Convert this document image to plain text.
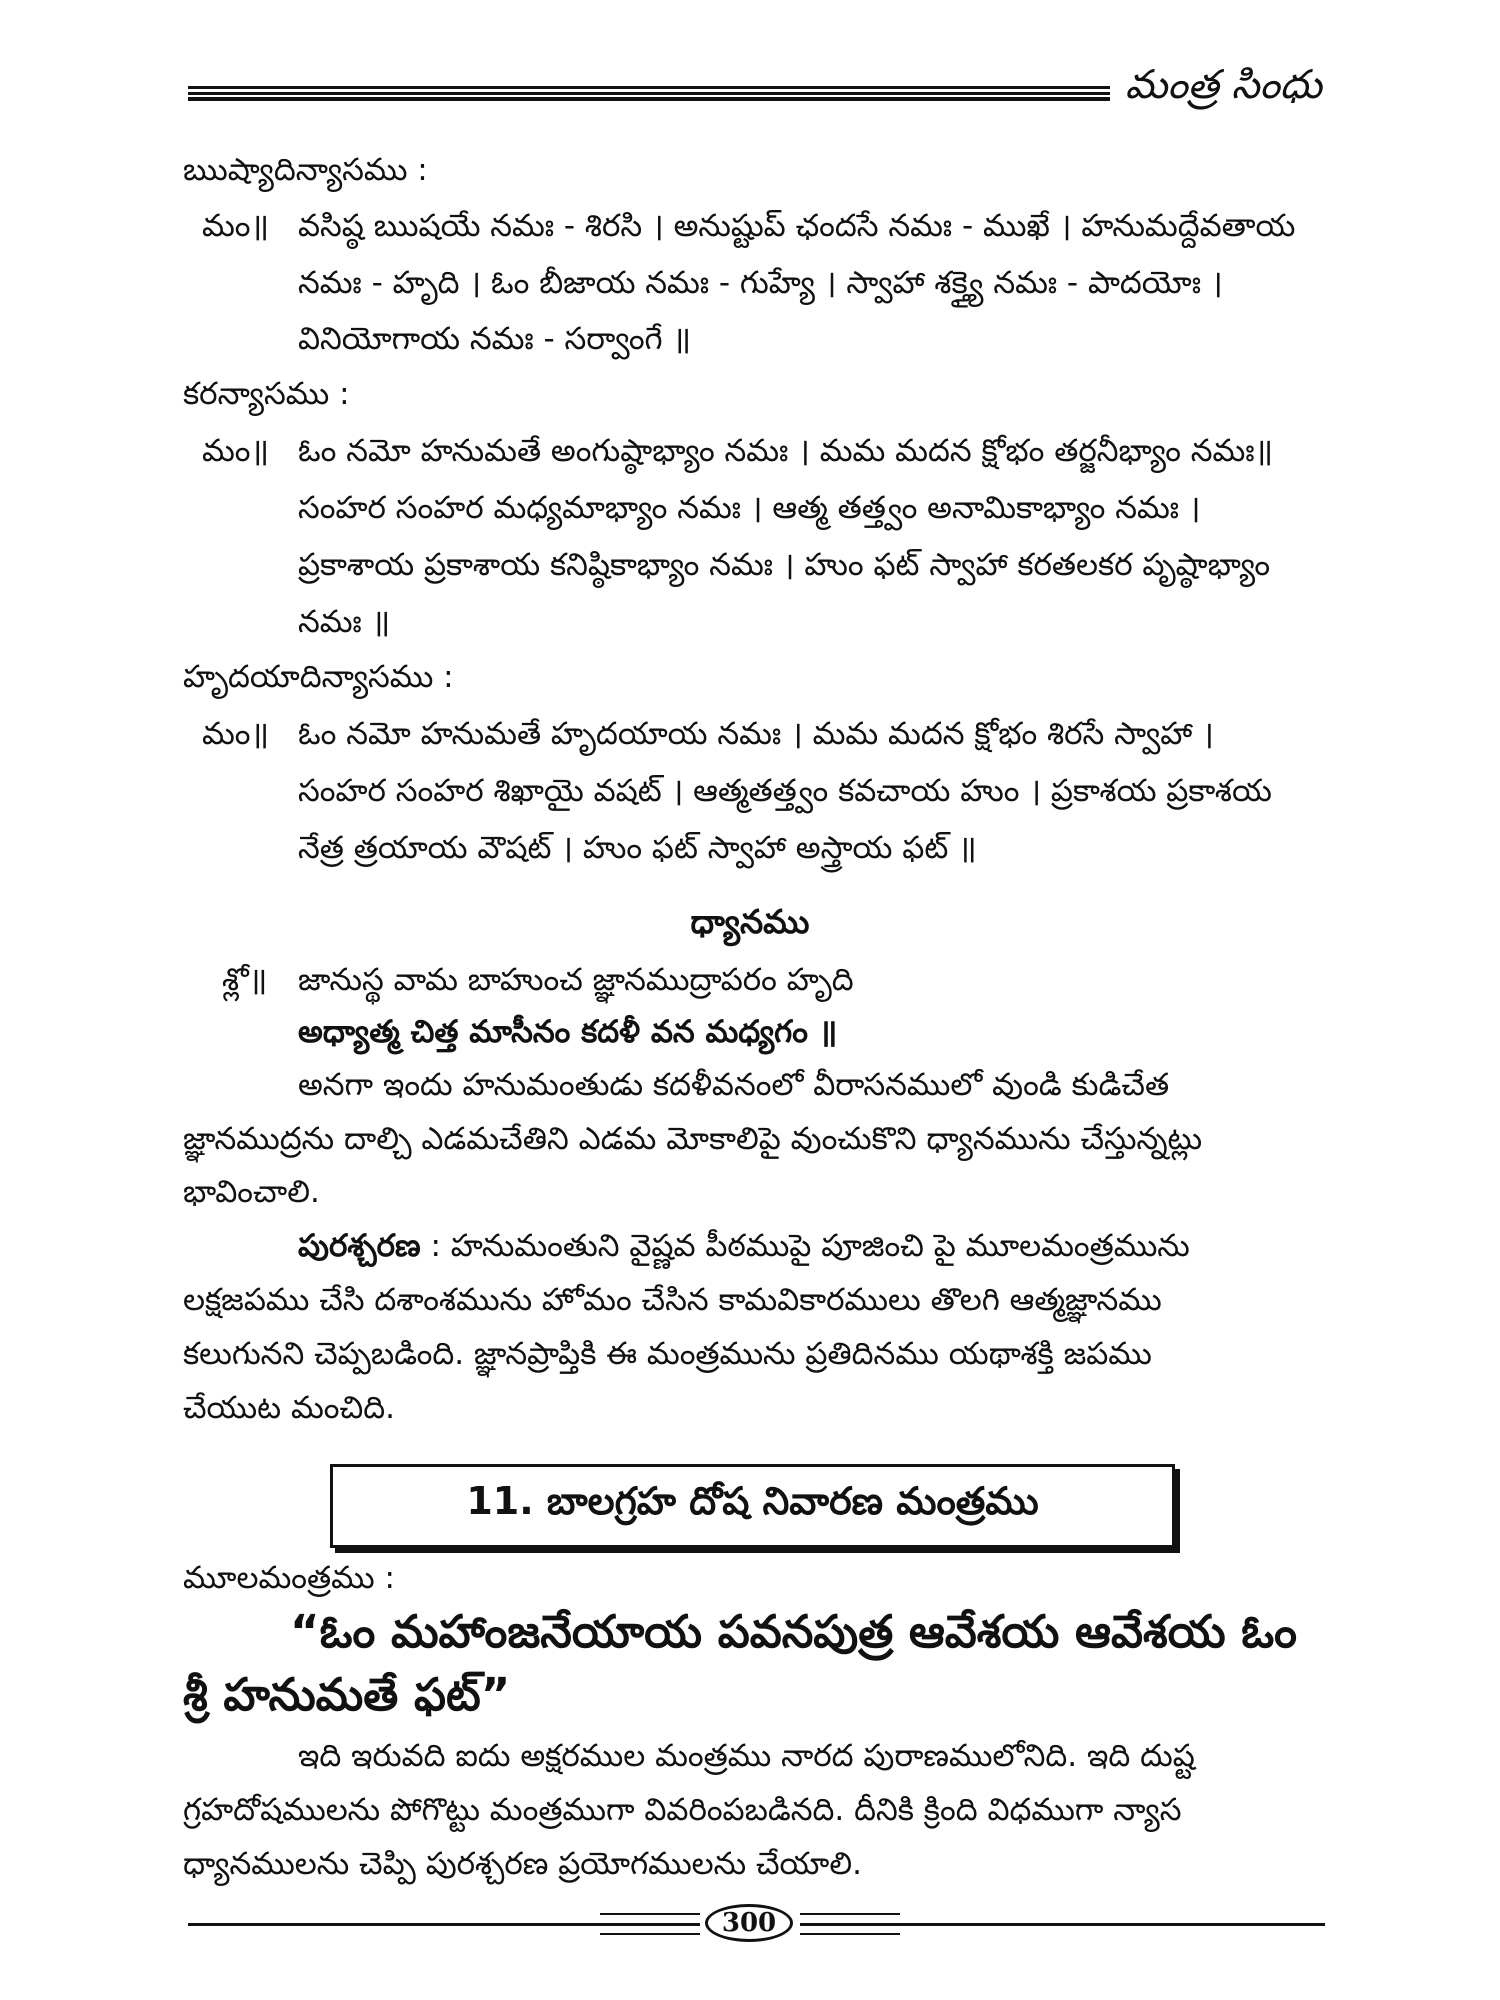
మంత్ర సింధు
ఋష్యాదిన్యాసము :
మం॥ వసిష్ఠ ఋషయే నమః - శిరసి । అనుష్టుప్ ఛందసే నమః - ముఖే । హనుమద్దేవతాయ
నమః - హృది । ఓం బీజాయ నమః - గుహ్యే । స్వాహా శక్త్యై నమః - పాదయోః ।
వినియోగాయ నమః - సర్వాంగే ॥
కరన్యాసము :
మం॥ ఓం నమో హనుమతే అంగుష్ఠాభ్యాం నమః । మమ మదన క్షోభం తర్జనీభ్యాం నమః॥
సంహర సంహర మధ్యమాభ్యాం నమః । ఆత్మ తత్త్వం అనామికాభ్యాం నమః ।
ప్రకాశాయ ప్రకాశాయ కనిష్ఠికాభ్యాం నమః । హుం ఫట్ స్వాహా కరతలకర పృష్ఠాభ్యాం
నమః ॥
హృదయాదిన్యాసము :
మం॥ ఓం నమో హనుమతే హృదయాయ నమః । మమ మదన క్షోభం శిరసే స్వాహా ।
సంహర సంహర శిఖాయై వషట్ । ఆత్మతత్త్వం కవచాయ హుం । ప్రకాశయ ప్రకాశయ
నేత్ర త్రయాయ వౌషట్ । హుం ఫట్ స్వాహా అస్త్రాయ ఫట్ ॥
ధ్యానము
శ్లో॥ జానుస్థ వామ బాహుంచ జ్ఞానముద్రాపరం హృది
అధ్యాత్మ చిత్త మాసీనం కదళీ వన మధ్యగం ॥
అనగా ఇందు హనుమంతుడు కదళీవనంలో వీరాసనములో వుండి కుడిచేత
జ్ఞానముద్రను దాల్చి ఎడమచేతిని ఎడమ మోకాలిపై వుంచుకొని ధ్యానమును చేస్తున్నట్లు
భావించాలి.
పురశ్చరణ : హనుమంతుని వైష్ణవ పీఠముపై పూజించి పై మూలమంత్రమును
లక్షజపము చేసి దశాంశమును హోమం చేసిన కామవికారములు తొలగి ఆత్మజ్ఞానము
కలుగునని చెప్పబడింది. జ్ఞానప్రాప్తికి ఈ మంత్రమును ప్రతిదినము యథాశక్తి జపము
చేయుట మంచిది.
11. బాలగ్రహ దోష నివారణ మంత్రము
మూలమంత్రము :
“ఓం మహాంజనేయాయ పవనపుత్ర ఆవేశయ ఆవేశయ ఓం
శ్రీ హనుమతే ఫట్”
ఇది ఇరువది ఐదు అక్షరముల మంత్రము నారద పురాణములోనిది. ఇది దుష్ట
గ్రహదోషములను పోగొట్టు మంత్రముగా వివరింపబడినది. దీనికి క్రింది విధముగా న్యాస
ధ్యానములను చెప్పి పురశ్చరణ ప్రయోగములను చేయాలి.
300
